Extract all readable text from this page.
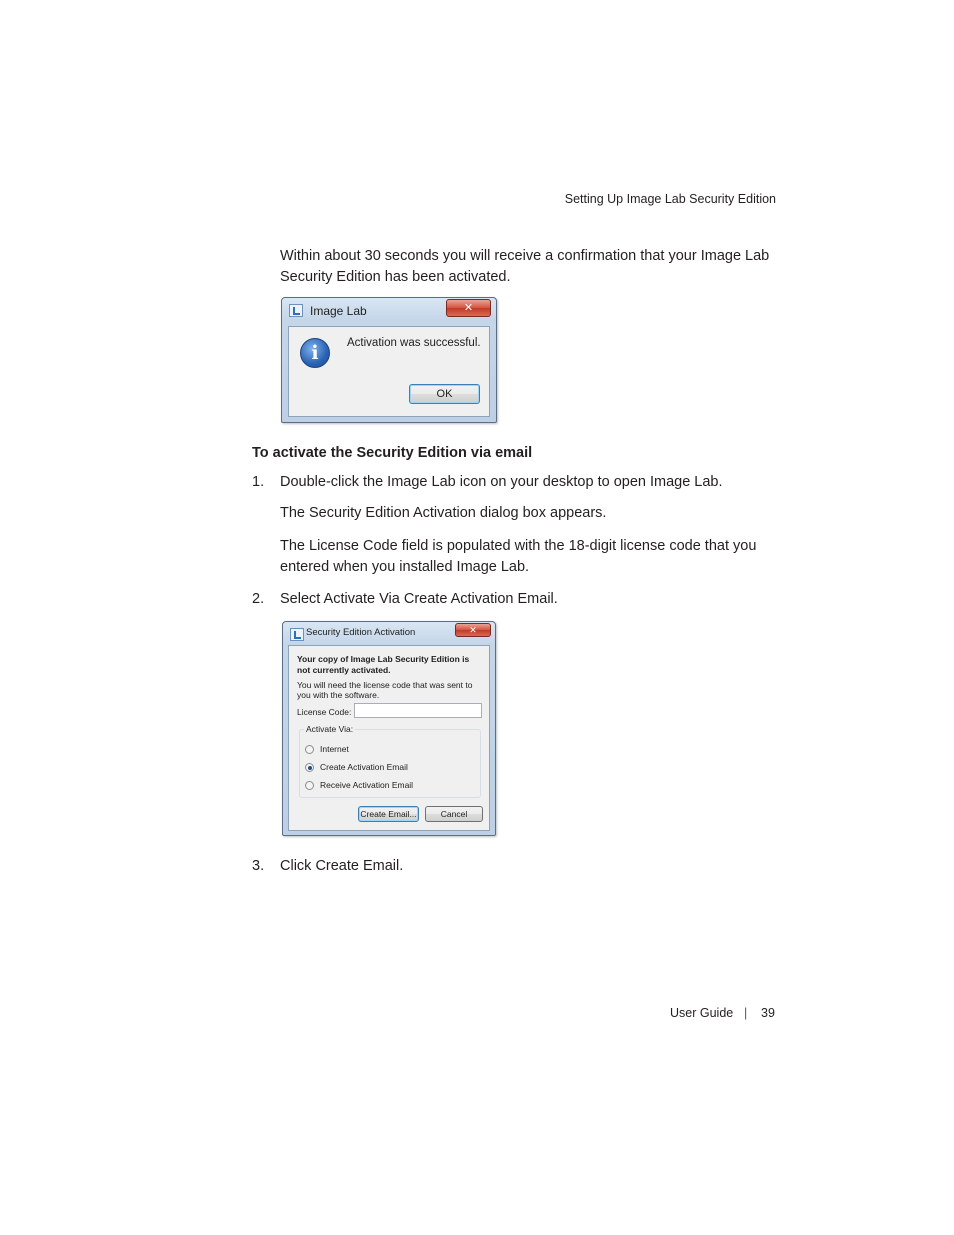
Setting Up Image Lab Security Edition
Within about 30 seconds you will receive a confirmation that your Image Lab
Security Edition has been activated.
Image Lab	✕
i	Activation was successful.
OK
To activate the Security Edition via email
1. Double-click the Image Lab icon on your desktop to open Image Lab.
The Security Edition Activation dialog box appears.
The License Code field is populated with the 18-digit license code that you
entered when you installed Image Lab.
2. Select Activate Via Create Activation Email.
Security Edition Activation	✕
Your copy of Image Lab Security Edition is
not currently activated.
You will need the license code that was sent to
you with the software.
License Code:
Activate Via:
Internet
Create Activation Email
Receive Activation Email
Create Email...	Cancel
3. Click Create Email.
User Guide | 39
